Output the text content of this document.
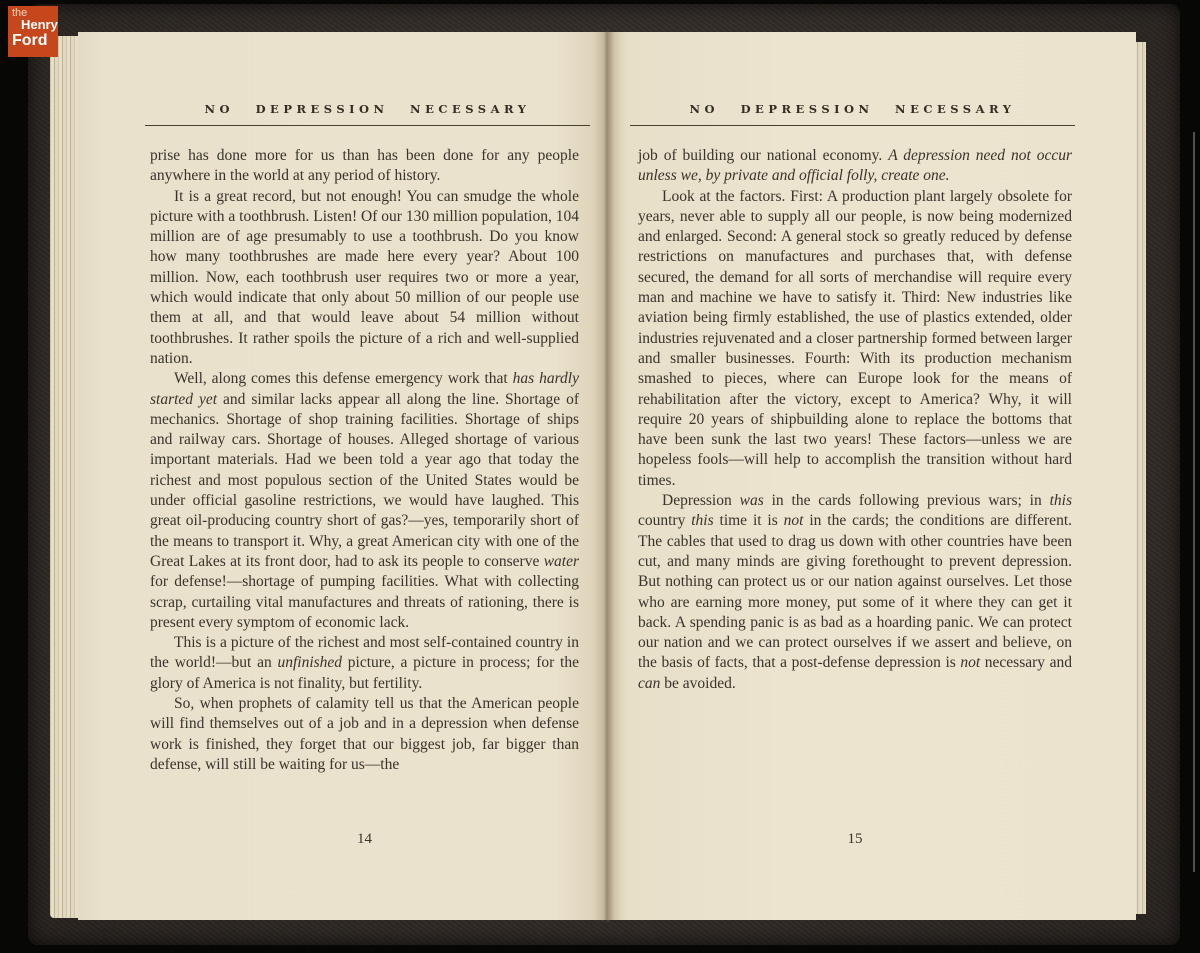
NO DEPRESSION NECESSARY

prise has done more for us than has been done for any people anywhere in the world at any period of history.

It is a great record, but not enough! You can smudge the whole picture with a toothbrush. Listen! Of our 130 million population, 104 million are of age presumably to use a toothbrush. Do you know how many toothbrushes are made here every year? About 100 million. Now, each toothbrush user requires two or more a year, which would indicate that only about 50 million of our people use them at all, and that would leave about 54 million without toothbrushes. It rather spoils the picture of a rich and well-supplied nation.

Well, along comes this defense emergency work that has hardly started yet and similar lacks appear all along the line. Shortage of mechanics. Shortage of shop training facilities. Shortage of ships and railway cars. Shortage of houses. Alleged shortage of various important materials. Had we been told a year ago that today the richest and most populous section of the United States would be under official gasoline restrictions, we would have laughed. This great oil-producing country short of gas?—yes, temporarily short of the means to transport it. Why, a great American city with one of the Great Lakes at its front door, had to ask its people to conserve water for defense!—shortage of pumping facilities. What with collecting scrap, curtailing vital manufactures and threats of rationing, there is present every symptom of economic lack.

This is a picture of the richest and most self-contained country in the world!—but an unfinished picture, a picture in process; for the glory of America is not finality, but fertility.

So, when prophets of calamity tell us that the American people will find themselves out of a job and in a depression when defense work is finished, they forget that our biggest job, far bigger than defense, will still be waiting for us—the

14
NO DEPRESSION NECESSARY

job of building our national economy. A depression need not occur unless we, by private and official folly, create one.

Look at the factors. First: A production plant largely obsolete for years, never able to supply all our people, is now being modernized and enlarged. Second: A general stock so greatly reduced by defense restrictions on manufactures and purchases that, with defense secured, the demand for all sorts of merchandise will require every man and machine we have to satisfy it. Third: New industries like aviation being firmly established, the use of plastics extended, older industries rejuvenated and a closer partnership formed between larger and smaller businesses. Fourth: With its production mechanism smashed to pieces, where can Europe look for the means of rehabilitation after the victory, except to America? Why, it will require 20 years of shipbuilding alone to replace the bottoms that have been sunk the last two years! These factors—unless we are hopeless fools—will help to accomplish the transition without hard times.

Depression was in the cards following previous wars; in this country this time it is not in the cards; the conditions are different. The cables that used to drag us down with other countries have been cut, and many minds are giving forethought to prevent depression. But nothing can protect us or our nation against ourselves. Let those who are earning more money, put some of it where they can get it back. A spending panic is as bad as a hoarding panic. We can protect our nation and we can protect ourselves if we assert and believe, on the basis of facts, that a post-defense depression is not necessary and can be avoided.

15
the
Henry
Ford
